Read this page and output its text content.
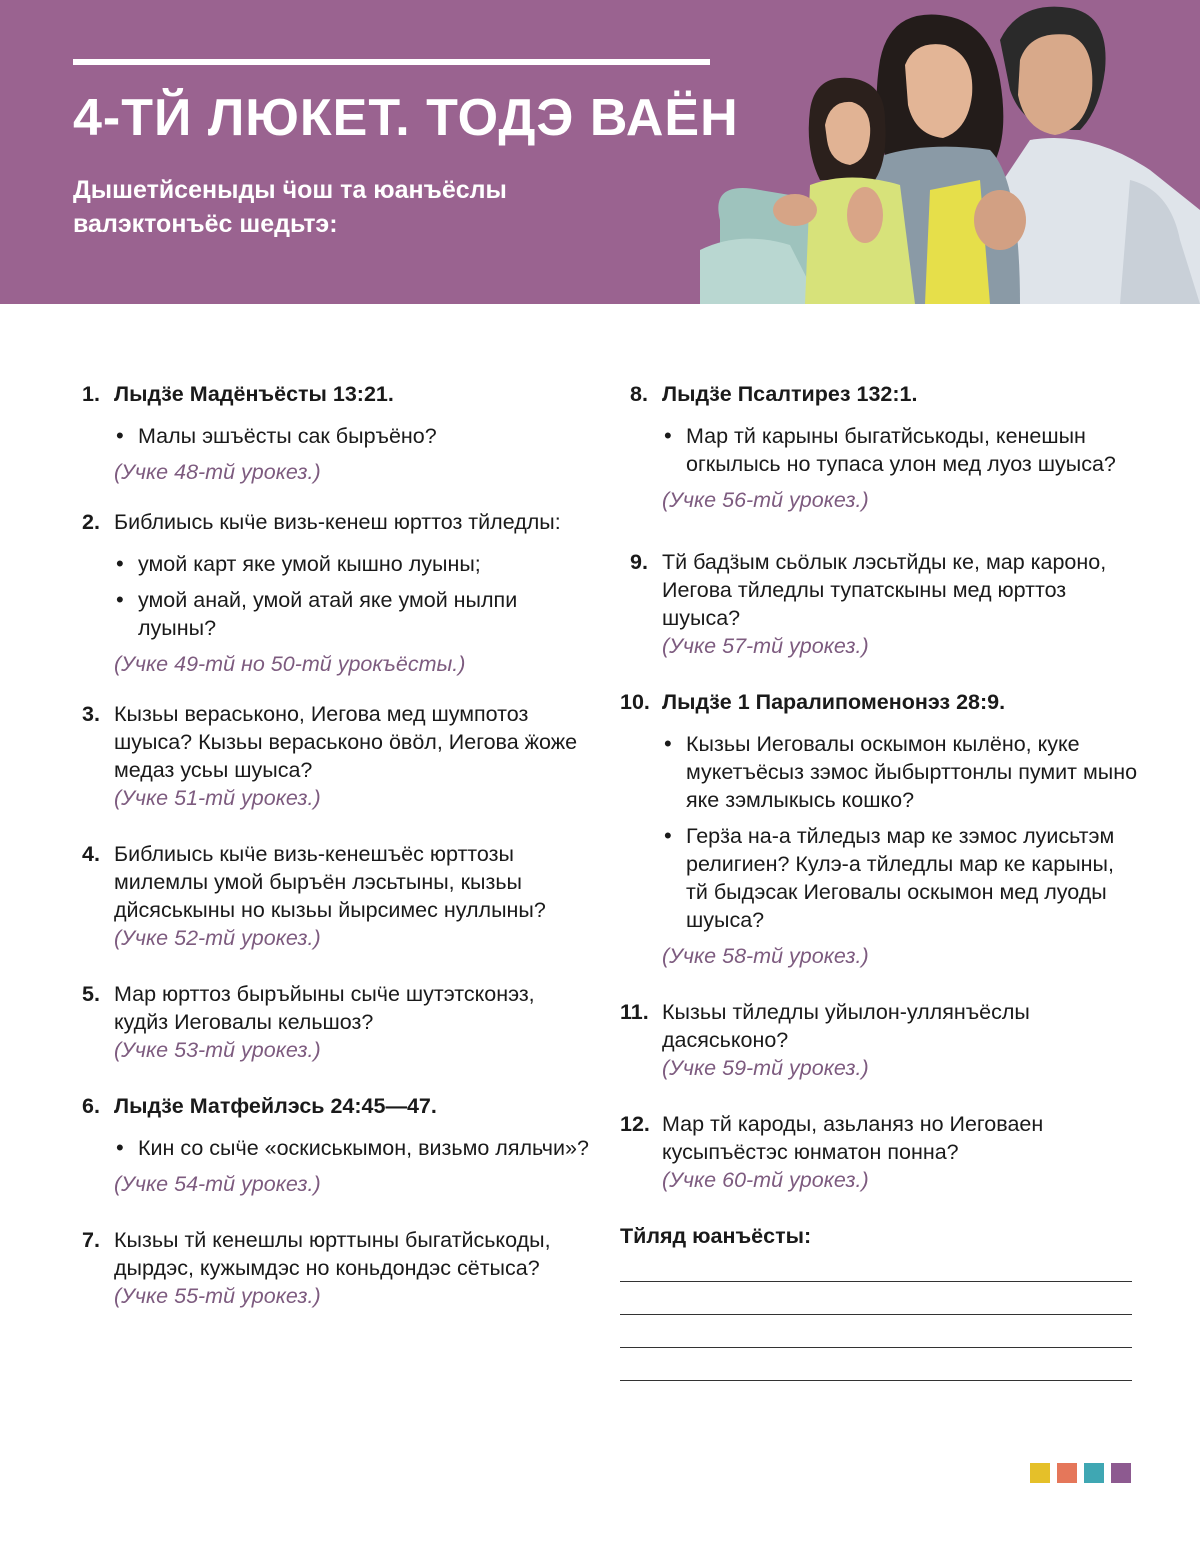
4-ТЙ ЛЮКЕТ. ТОДЭ ВАЁН
Дышетйсеныды ӵош та юанъёслы валэктонъёс шедьтэ:
1. Лыдӟе Мадёнъёсты 13:21.
• Малы эшъёсты сак быръёно?
(Учке 48-тй урокез.)
2. Библиысь кыӵе визь-кенеш юрттоз тйледлы:
• умой карт яке умой кышно луыны;
• умой анай, умой атай яке умой нылпи луыны?
(Учке 49-тй но 50-тй урокъёсты.)
3. Кызьы вераськоно, Иегова мед шумпотоз шуыса? Кызьы вераськоно ӧвӧл, Иегова ӝоже медаз усьы шуыса?
(Учке 51-тй урокез.)
4. Библиысь кыӵе визь-кенешъёс юрттозы милемлы умой быръён лэсьтыны, кызьы дйсяськыны но кызьы йырсимес нуллыны?
(Учке 52-тй урокез.)
5. Мар юрттоз быръйыны сыӵе шутэтсконэз, кудйз Иеговалы кельшоз?
(Учке 53-тй урокез.)
6. Лыдӟе Матфейлэсь 24:45—47.
• Кин со сыӵе «оскиськымон, визьмо ляльчи»?
(Учке 54-тй урокез.)
7. Кызьы тй кенешлы юрттыны быгатйськоды, дырдэс, кужымдэс но коньдондэс сётыса?
(Учке 55-тй урокез.)
8. Лыдӟе Псалтирез 132:1.
• Мар тй карыны быгатйськоды, кенешын огкылысь но тупаса улон мед луоз шуыса?
(Учке 56-тй урокез.)
9. Тй бадӟым сьӧлык лэсьтйды ке, мар кароно, Иегова тйледлы тупатскыны мед юрттоз шуыса?
(Учке 57-тй урокез.)
10. Лыдӟе 1 Паралипоменонэз 28:9.
• Кызьы Иеговалы оскымон кылёно, куке мукетъёсыз зэмос йыбырттонлы пумит мыно яке зэмлыкысь кошко?
• Герӟа на-а тйледыз мар ке зэмос луисьтэм религиен? Кулэ-а тйледлы мар ке карыны, тй быдэсак Иеговалы оскымон мед луоды шуыса?
(Учке 58-тй урокез.)
11. Кызьы тйледлы уйылон-уллянъёслы дасяськоно?
(Учке 59-тй урокез.)
12. Мар тй кароды, азьланяз но Иеговаен кусыпъёстэс юнматон понна?
(Учке 60-тй урокез.)
Тйляд юанъёсты:
